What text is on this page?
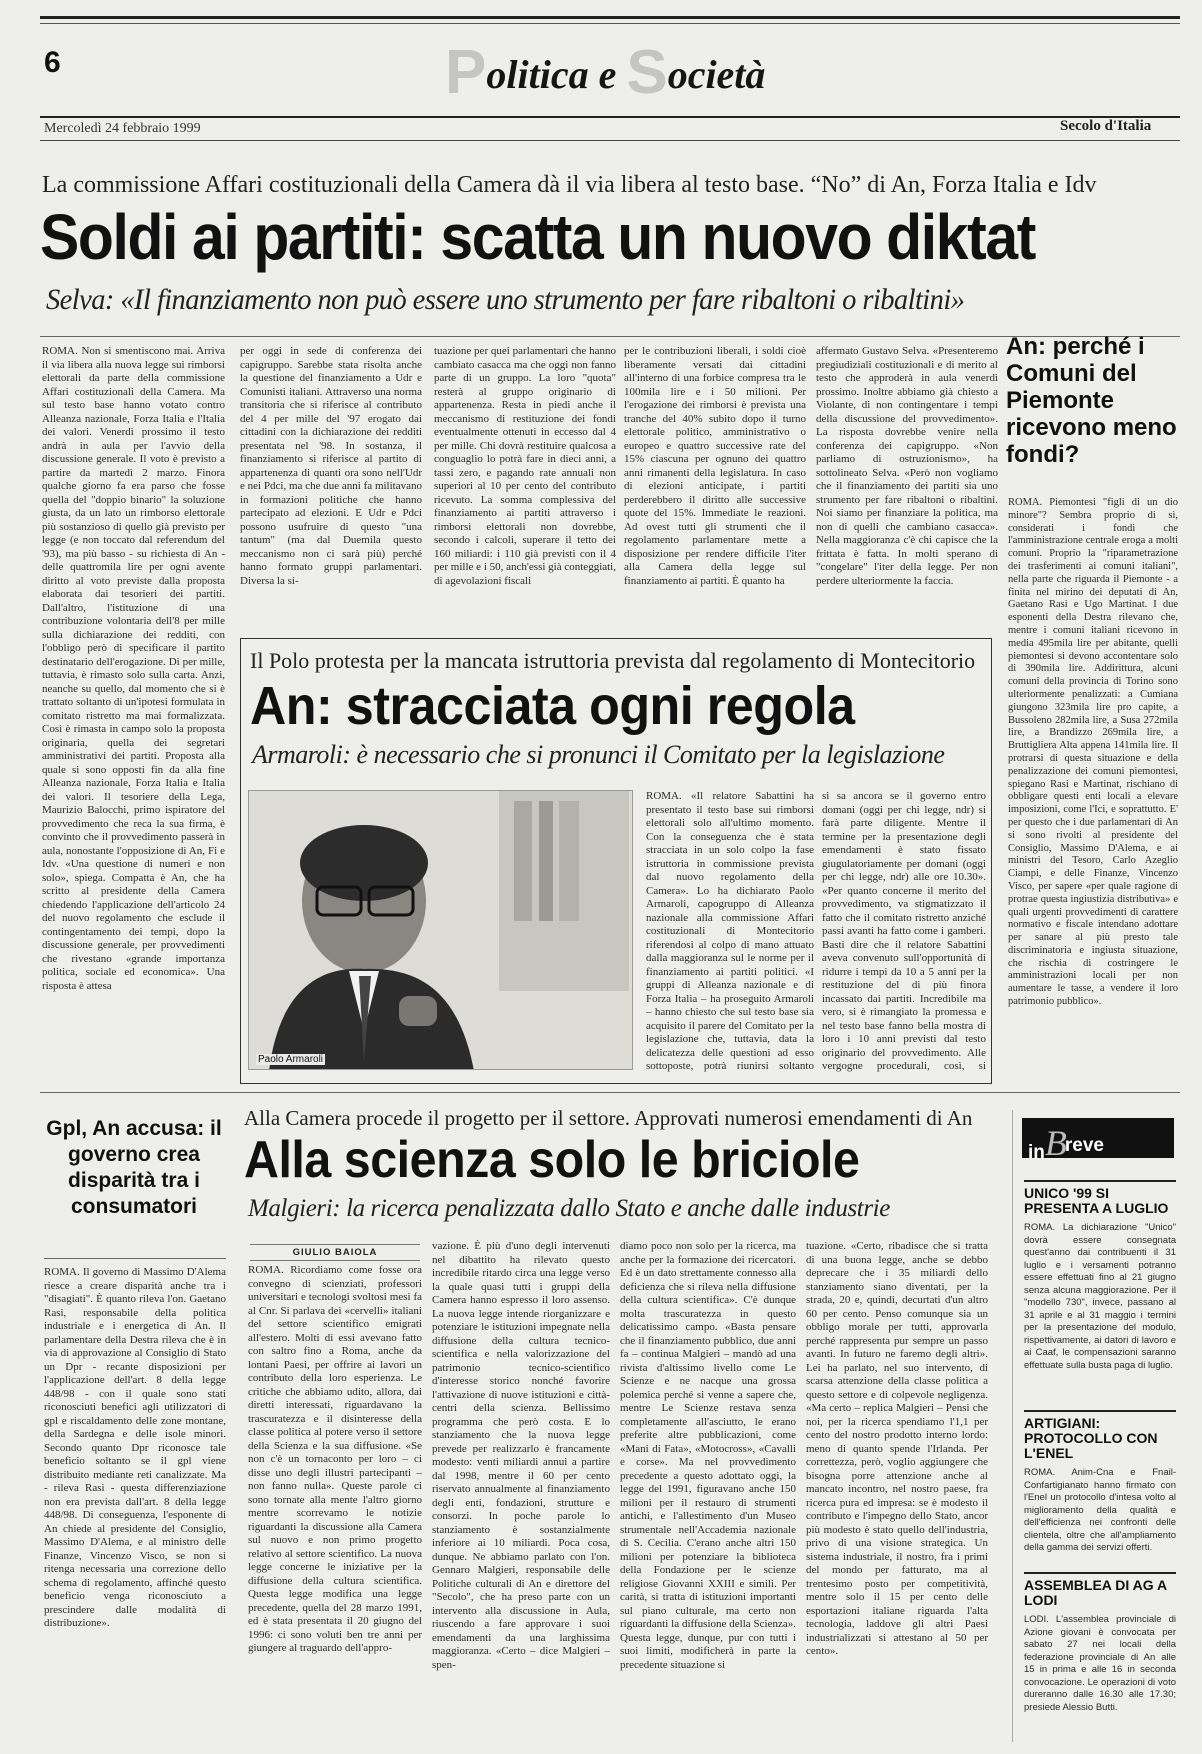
6	Politica e Società
Mercoledì 24 febbraio 1999	Secolo d'Italia
La commissione Affari costituzionali della Camera dà il via libera al testo base. “No” di An, Forza Italia e Idv
Soldi ai partiti: scatta un nuovo diktat
Selva: «Il finanziamento non può essere uno strumento per fare ribaltoni o ribaltini»
ROMA. Non si smentiscono mai. Arriva il via libera alla nuova legge sui rimborsi elettorali da parte della commissione Affari costituzionali della Camera. Ma sul testo base hanno votato contro Alleanza nazionale, Forza Italia e l'Italia dei valori. Venerdì prossimo il testo andrà in aula per l'avvio della discussione generale. Il voto è previsto a partire da martedì 2 marzo. Finora qualche giorno fa era parso che fosse quella del "doppio binario" la soluzione giusta, da un lato un rimborso elettorale più sostanzioso di quello già previsto per legge (e non toccato dal referendum del '93), ma più basso - su richiesta di An - delle quattromila lire per ogni avente diritto al voto previste dalla proposta elaborata dai tesorieri dei partiti. Dall'altro, l'istituzione di una contribuzione volontaria dell'8 per mille sulla dichiarazione dei redditi, con l'obbligo però di specificare il partito destinatario dell'erogazione. Di per mille, tuttavia, è rimasto solo sulla carta. Anzi, neanche su quello, dal momento che si è trattato soltanto di un'ipotesi formulata in comitato ristretto ma mai formalizzata. Così è rimasta in campo solo la proposta originaria, quella dei segretari amministrativi dei partiti. Proposta alla quale si sono opposti fin da alla fine Alleanza nazionale, Forza Italia e Italia dei valori. Il tesoriere della Lega, Maurizio Balocchi, primo ispiratore del provvedimento che reca la sua firma, è convinto che il provvedimento passerà in aula, nonostante l'opposizione di An, Fi e Idv. «Una questione di numeri e non solo», spiega. Compatta è An, che ha scritto al presidente della Camera chiedendo l'applicazione dell'articolo 24 del nuovo regolamento che esclude il contingentamento dei tempi, dopo la discussione generale, per provvedimenti che rivestano «grande importanza politica, sociale ed economica». Una risposta è attesa
per oggi in sede di conferenza dei capigruppo. Sarebbe stata risolta anche la questione del finanziamento a Udr e Comunisti italiani. Attraverso una norma transitoria che si riferisce al contributo del 4 per mille del '97 erogato dai cittadini con la dichiarazione dei redditi presentata nel '98. In sostanza, il finanziamento si riferisce al partito di appartenenza di quanti ora sono nell'Udr e nei Pdci, ma che due anni fa militavano in formazioni politiche che hanno partecipato ad elezioni. E Udr e Pdci possono usufruire di questo "una tantum" (ma dal Duemila questo meccanismo non ci sarà più) perché hanno formato gruppi parlamentari. Diversa la si-
tuazione per quei parlamentari che hanno cambiato casacca ma che oggi non fanno parte di un gruppo. La loro "quota" resterà al gruppo originario di appartenenza. Resta in piedi anche il meccanismo di restituzione dei fondi eventualmente ottenuti in eccesso dal 4 per mille. Chi dovrà restituire qualcosa a conguaglio lo potrà fare in dieci anni, a tassi zero, e pagando rate annuali non superiori al 10 per cento del contributo ricevuto. La somma complessiva del finanziamento ai partiti attraverso i rimborsi elettorali non dovrebbe, secondo i calcoli, superare il tetto dei 160 miliardi: i 110 già previsti con il 4 per mille e i 50, anch'essi già conteggiati, di agevolazioni fiscali
per le contribuzioni liberali, i soldi cioè liberamente versati dai cittadini all'interno di una forbice compresa tra le 100mila lire e i 50 milioni. Per l'erogazione dei rimborsi è prevista una tranche del 40% subito dopo il turno elettorale politico, amministrativo o europeo e quattro successive rate del 15% ciascuna per ognuno dei quattro anni rimanenti della legislatura. In caso di elezioni anticipate, i partiti perderebbero il diritto alle successive quote del 15%. Immediate le reazioni. Ad ovest tutti gli strumenti che il regolamento parlamentare mette a disposizione per rendere difficile l'iter alla Camera della legge sul finanziamento ai partiti. È quanto ha
affermato Gustavo Selva. «Presenteremo pregiudiziali costituzionali e di merito al testo che approderà in aula venerdì prossimo. Inoltre abbiamo già chiesto a Violante, di non contingentare i tempi della discussione del provvedimento». La risposta dovrebbe venire nella conferenza dei capigruppo. «Non parliamo di ostruzionismo», ha sottolineato Selva. «Però non vogliamo che il finanziamento dei partiti sia uno strumento per fare ribaltoni o ribaltini. Noi siamo per finanziare la politica, ma non di quelli che cambiano casacca». Nella maggioranza c'è chi capisce che la frittata è fatta. In molti sperano di "congelare" l'iter della legge. Per non perdere ulteriormente la faccia.
An: perché i Comuni del Piemonte ricevono meno fondi?
ROMA. Piemontesi "figli di un dio minore"? Sembra proprio di sì, considerati i fondi che l'amministrazione centrale eroga a molti comuni. Proprio la "riparametrazione dei trasferimenti ai comuni italiani", nella parte che riguarda il Piemonte - a finita nel mirino dei deputati di An, Gaetano Rasi e Ugo Martinat. I due esponenti della Destra rilevano che, mentre i comuni italiani ricevono in media 495mila lire per abitante, quelli piemontesi si devono accontentare solo di 390mila lire. Addirittura, alcuni comuni della provincia di Torino sono ulteriormente penalizzati: a Cumiana giungono 323mila lire pro capite, a Bussoleno 282mila lire, a Susa 272mila lire, a Brandizzo 269mila lire, a Bruttigliera Alta appena 141mila lire. Il protrarsi di questa situazione e della penalizzazione dei comuni piemontesi, spiegano Rasi e Martinat, rischiano di obbligare questi enti locali a elevare imposizioni, come l'Ici, e soprattutto. E' per questo che i due parlamentari di An si sono rivolti al presidente del Consiglio, Massimo D'Alema, e ai ministri del Tesoro, Carlo Azeglio Ciampi, e delle Finanze, Vincenzo Visco, per sapere «per quale ragione di protrae questa ingiustizia distributiva» e quali urgenti provvedimenti di carattere normativo e fiscale intendano adottare per sanare al più presto tale discriminatoria e ingiusta situazione, che rischia di costringere le amministrazioni locali per non aumentare le tasse, a vendere il loro patrimonio pubblico».
Il Polo protesta per la mancata istruttoria prevista dal regolamento di Montecitorio
An: stracciata ogni regola
Armaroli: è necessario che si pronunci il Comitato per la legislazione
Paolo Armaroli
ROMA. «Il relatore Sabattini ha presentato il testo base sui rimborsi elettorali solo all'ultimo momento. Con la conseguenza che è stata stracciata in un solo colpo la fase istruttoria in commissione prevista dal nuovo regolamento della Camera». Lo ha dichiarato Paolo Armaroli, capogruppo di Alleanza nazionale alla commissione Affari costituzionali di Montecitorio riferendosi al colpo di mano attuato dalla maggioranza sul le norme per il finanziamento ai partiti politici. «I gruppi di Alleanza nazionale e di Forza Italia – ha proseguito Armaroli – hanno chiesto che sul testo base sia acquisito il parere del Comitato per la legislazione che, tuttavia, data la delicatezza delle questioni ad esso sottoposte, potrà riunirsi soltanto
si sa ancora se il governo entro domani (oggi per chi legge, ndr) si farà parte diligente. Mentre il termine per la presentazione degli emendamenti è stato fissato giugulatoriamente per domani (oggi per chi legge, ndr) alle ore 10.30». «Per quanto concerne il merito del provvedimento, va stigmatizzato il fatto che il comitato ristretto anziché passi avanti ha fatto come i gamberi. Basti dire che il relatore Sabattini aveva convenuto sull'opportunità di ridurre i tempi da 10 a 5 anni per la restituzione del di più finora incassato dai partiti. Incredibile ma vero, si è rimangiato la promessa e nel testo base fanno bella mostra di loro i 10 anni previsti dal testo originario del provvedimento. Alle vergogne procedurali, così, si
Gpl, An accusa: il governo crea disparità tra i consumatori
ROMA. Il governo di Massimo D'Alema riesce a creare disparità anche tra i "disagiati". È quanto rileva l'on. Gaetano Rasi, responsabile della politica industriale e i energetica di An. Il parlamentare della Destra rileva che è in via di approvazione al Consiglio di Stato un Dpr - recante disposizioni per l'applicazione dell'art. 8 della legge 448/98 - con il quale sono stati riconosciuti benefici agli utilizzatori di gpl e riscaldamento delle zone montane, della Sardegna e delle isole minori. Secondo quanto Dpr riconosce tale beneficio soltanto se il gpl viene distribuito mediante reti canalizzate. Ma - rileva Rasi - questa differenziazione non era prevista dall'art. 8 della legge 448/98. Di conseguenza, l'esponente di An chiede al presidente del Consiglio, Massimo D'Alema, e al ministro delle Finanze, Vincenzo Visco, se non si ritenga necessaria una correzione dello schema di regolamento, affinché questo beneficio venga riconosciuto a prescindere dalle modalità di distribuzione».
Alla Camera procede il progetto per il settore. Approvati numerosi emendamenti di An
Alla scienza solo le briciole
Malgieri: la ricerca penalizzata dallo Stato e anche dalle industrie
GIULIO BAIOLA
ROMA. Ricordiamo come fosse ora convegno di scienziati, professori universitari e tecnologi svoltosi mesi fa al Cnr. Si parlava dei «cervelli» italiani del settore scientifico emigrati all'estero. Molti di essi avevano fatto con saltro fino a Roma, anche da lontani Paesi, per offrire ai lavori un contributo della loro esperienza. Le critiche che abbiamo udito, allora, dai diretti interessati, riguardavano la trascuratezza e il disinteresse della classe politica al potere verso il settore della Scienza e la sua diffusione. «Se non c'è un tornaconto per loro – ci disse uno degli illustri partecipanti – non fanno nulla». Queste parole ci sono tornate alla mente l'altro giorno mentre scorrevamo le notizie riguardanti la discussione alla Camera sul nuovo e non primo progetto relativo al settore scientifico. La nuova legge concerne le iniziative per la diffusione della cultura scientifica. Questa legge modifica una legge precedente, quella del 28 marzo 1991, ed è stata presentata il 20 giugno del 1996: ci sono voluti ben tre anni per giungere al traguardo dell'appro-
vazione. È più d'uno degli intervenuti nel dibattito ha rilevato questo incredibile ritardo circa una legge verso la quale quasi tutti i gruppi della Camera hanno espresso il loro assenso. La nuova legge intende riorganizzare e potenziare le istituzioni impegnate nella diffusione della cultura tecnico-scientifica e nella valorizzazione del patrimonio tecnico-scientifico d'interesse storico nonché favorire l'attivazione di nuove istituzioni e città-centri della scienza. Bellissimo programma che però costa. E lo stanziamento che la nuova legge prevede per realizzarlo è francamente modesto: venti miliardi annui a partire dal 1998, mentre il 60 per cento riservato annualmente al finanziamento degli enti, fondazioni, strutture e consorzi. In poche parole lo stanziamento è sostanzialmente inferiore ai 10 miliardi. Poca cosa, dunque. Ne abbiamo parlato con l'on. Gennaro Malgieri, responsabile delle Politiche culturali di An e direttore del "Secolo", che ha preso parte con un intervento alla discussione in Aula, riuscendo a fare approvare i suoi emendamenti da una larghissima maggioranza. «Certo – dice Malgieri – spen-
diamo poco non solo per la ricerca, ma anche per la formazione dei ricercatori. Ed è un dato strettamente connesso alla deficienza che si rileva nella diffusione della cultura scientifica». C'è dunque molta trascuratezza in questo delicatissimo campo. «Basta pensare che il finanziamento pubblico, due anni fa – continua Malgieri – mandò ad una rivista d'altissimo livello come Le Scienze e ne nacque una grossa polemica perché si venne a sapere che, mentre Le Scienze restava senza completamente all'asciutto, le erano preferite altre pubblicazioni, come «Mani di Fata», «Motocross», «Cavalli e corse». Ma nel provvedimento precedente a questo adottato oggi, la legge del 1991, figuravano anche 150 milioni per il restauro di strumenti antichi, e l'allestimento d'un Museo strumentale nell'Accademia nazionale di S. Cecilia. C'erano anche altri 150 milioni per potenziare la biblioteca della Fondazione per le scienze religiose Giovanni XXIII e simili. Per carità, si tratta di istituzioni importanti sul piano culturale, ma certo non riguardanti la diffusione della Scienza». Questa legge, dunque, pur con tutti i suoi limiti, modificherà in parte la precedente situazione si
tuazione. «Certo, ribadisce che si tratta di una buona legge, anche se debbo deprecare che i 35 miliardi dello stanziamento siano diventati, per la strada, 20 e, quindi, decurtati d'un altro 60 per cento. Penso comunque sia un obbligo morale per tutti, approvarla perché rappresenta pur sempre un passo avanti. In futuro ne faremo degli altri». Lei ha parlato, nel suo intervento, di scarsa attenzione della classe politica a questo settore e di colpevole negligenza. «Ma certo – replica Malgieri – Pensi che noi, per la ricerca spendiamo l'1,1 per cento del nostro prodotto interno lordo: meno di quanto spende l'Irlanda. Per correttezza, però, voglio aggiungere che bisogna porre attenzione anche al mancato incontro, nel nostro paese, fra ricerca pura ed impresa: se è modesto il contributo e l'impegno dello Stato, ancor più modesto è stato quello dell'industria, privo di una visione strategica. Un sistema industriale, il nostro, fra i primi del mondo per fatturato, ma al trentesimo posto per competitività, mentre solo il 15 per cento delle esportazioni italiane riguarda l'alta tecnologia, laddove gli altri Paesi industrializzati si attestano al 50 per cento».
inBreve
UNICO '99 SI PRESENTA A LUGLIO
ROMA. La dichiarazione "Unico" dovrà essere consegnata quest'anno dai contribuenti il 31 luglio e i versamenti potranno essere effettuati fino al 21 giugno senza alcuna maggiorazione. Per il "modello 730", invece, passano al 31 aprile e al 31 maggio i termini per la presentazione del modulo, rispettivamente, ai datori di lavoro e ai Caaf, le compensazioni saranno effettuate sulla busta paga di luglio.
ARTIGIANI: PROTOCOLLO CON L'ENEL
ROMA. Anim-Cna e Fnail-Confartigianato hanno firmato con l'Enel un protocollo d'intesa volto al miglioramento della qualità e dell'efficienza nei confronti delle clientela, oltre che all'ampliamento della gamma dei servizi offerti.
ASSEMBLEA DI AG A LODI
LODI. L'assemblea provinciale di Azione giovani è convocata per sabato 27 nei locali della federazione provinciale di An alle 15 in prima e alle 16 in seconda convocazione. Le operazioni di voto dureranno dalle 16.30 alle 17.30; presiede Alessio Butti.
